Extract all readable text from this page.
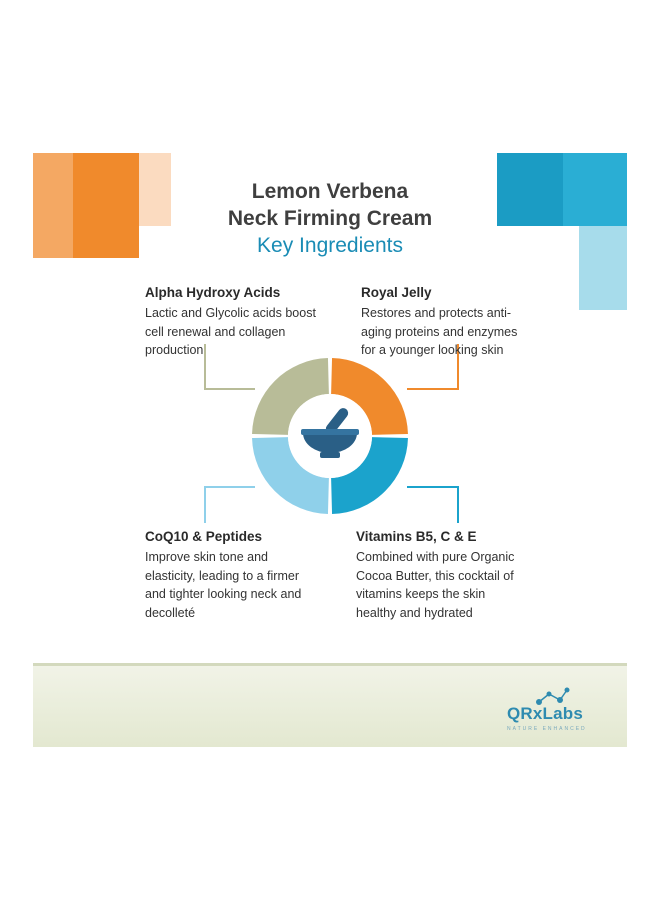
Lemon Verbena
Neck Firming Cream
Key Ingredients
Alpha Hydroxy Acids
Lactic and Glycolic acids boost
cell renewal and collagen
production
Royal Jelly
Restores and protects anti-
aging proteins and enzymes
for a younger looking skin
CoQ10 & Peptides
Improve skin tone and
elasticity, leading to a firmer
and tighter looking neck and
decolleté
Vitamins B5, C & E
Combined with pure Organic
Cocoa Butter, this cocktail of
vitamins keeps the skin
healthy and hydrated
QRxLabs
NATURE ENHANCED
